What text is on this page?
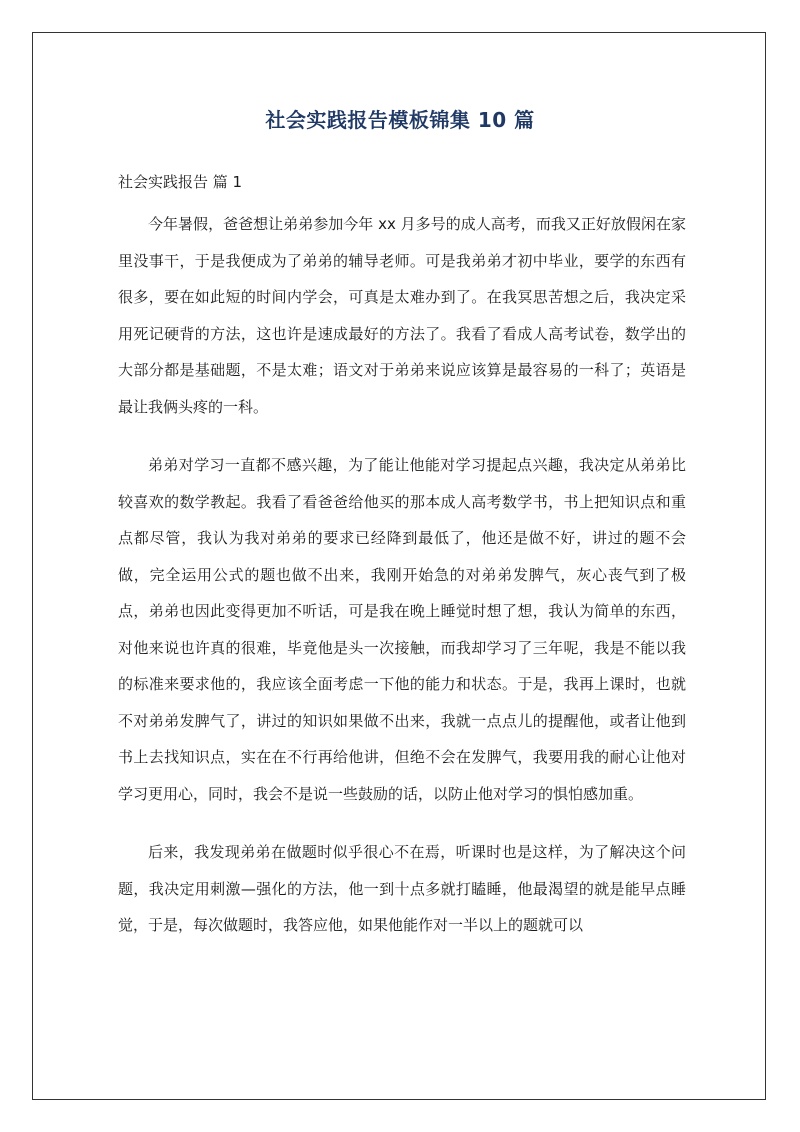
社会实践报告模板锦集 10 篇

社会实践报告 篇 1

今年暑假，爸爸想让弟弟参加今年 xx 月多号的成人高考，而我又正好放假闲在家里没事干，于是我便成为了弟弟的辅导老师。可是我弟弟才初中毕业，要学的东西有很多，要在如此短的时间内学会，可真是太难办到了。在我冥思苦想之后，我决定采用死记硬背的方法，这也许是速成最好的方法了。我看了看成人高考试卷，数学出的大部分都是基础题，不是太难；语文对于弟弟来说应该算是最容易的一科了；英语是最让我俩头疼的一科。

弟弟对学习一直都不感兴趣，为了能让他能对学习提起点兴趣，我决定从弟弟比较喜欢的数学教起。我看了看爸爸给他买的那本成人高考数学书，书上把知识点和重点都尽管，我认为我对弟弟的要求已经降到最低了，他还是做不好，讲过的题不会做，完全运用公式的题也做不出来，我刚开始急的对弟弟发脾气，灰心丧气到了极点，弟弟也因此变得更加不听话，可是我在晚上睡觉时想了想，我认为简单的东西，对他来说也许真的很难，毕竟他是头一次接触，而我却学习了三年呢，我是不能以我的标准来要求他的，我应该全面考虑一下他的能力和状态。于是，我再上课时，也就不对弟弟发脾气了，讲过的知识如果做不出来，我就一点点儿的提醒他，或者让他到书上去找知识点，实在在不行再给他讲，但绝不会在发脾气，我要用我的耐心让他对学习更用心，同时，我会不是说一些鼓励的话，以防止他对学习的惧怕感加重。

后来，我发现弟弟在做题时似乎很心不在焉，听课时也是这样，为了解决这个问题，我决定用刺激—强化的方法，他一到十点多就打瞌睡，他最渴望的就是能早点睡觉，于是，每次做题时，我答应他，如果他能作对一半以上的题就可以
